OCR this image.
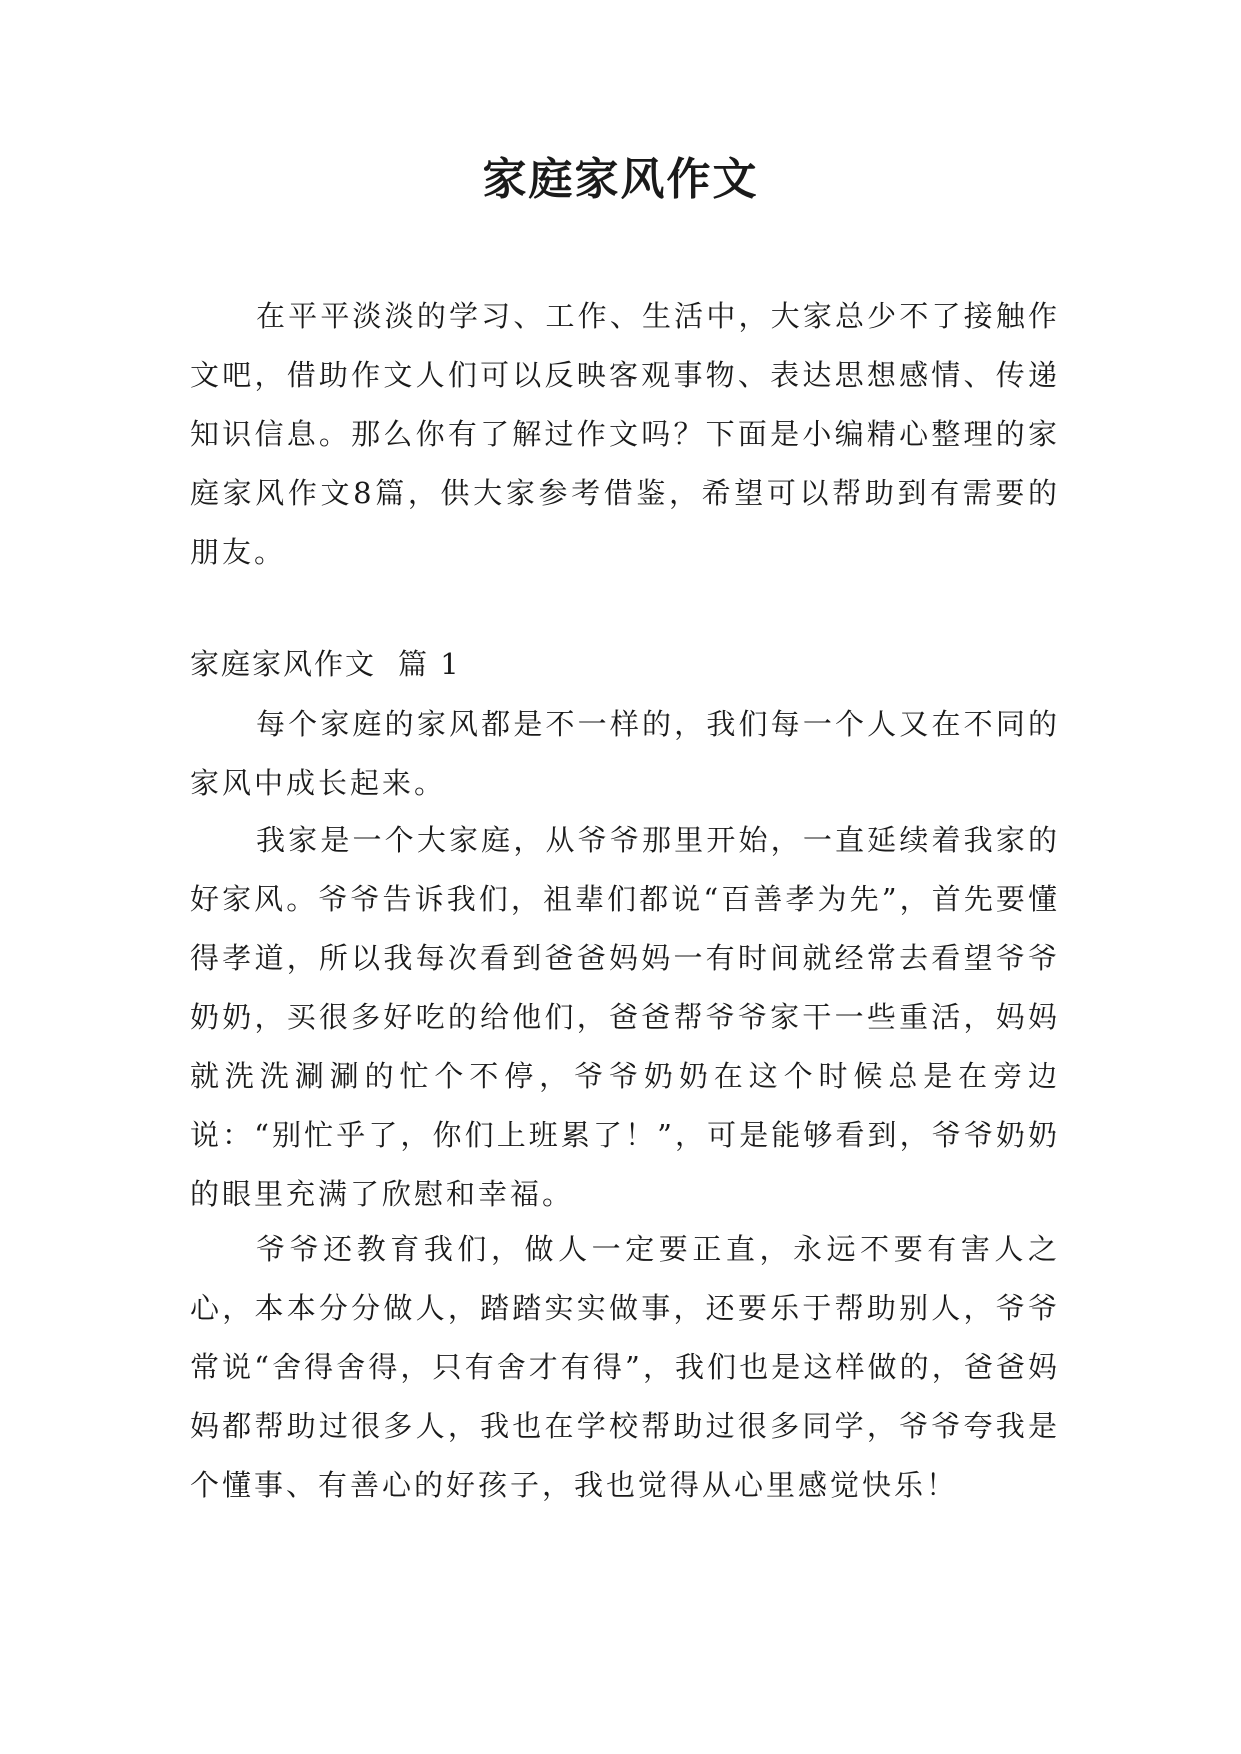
家庭家风作文

在平平淡淡的学习、工作、生活中，大家总少不了接触作文吧，借助作文人们可以反映客观事物、表达思想感情、传递知识信息。那么你有了解过作文吗？下面是小编精心整理的家庭家风作文8篇，供大家参考借鉴，希望可以帮助到有需要的朋友。

家庭家风作文 篇 1

每个家庭的家风都是不一样的，我们每一个人又在不同的家风中成长起来。

我家是一个大家庭，从爷爷那里开始，一直延续着我家的好家风。爷爷告诉我们，祖辈们都说“百善孝为先”，首先要懂得孝道，所以我每次看到爸爸妈妈一有时间就经常去看望爷爷奶奶，买很多好吃的给他们，爸爸帮爷爷家干一些重活，妈妈就洗洗涮涮的忙个不停，爷爷奶奶在这个时候总是在旁边说：“别忙乎了，你们上班累了！”，可是能够看到，爷爷奶奶的眼里充满了欣慰和幸福。

爷爷还教育我们，做人一定要正直，永远不要有害人之心，本本分分做人，踏踏实实做事，还要乐于帮助别人，爷爷常说“舍得舍得，只有舍才有得”，我们也是这样做的，爸爸妈妈都帮助过很多人，我也在学校帮助过很多同学，爷爷夸我是个懂事、有善心的好孩子，我也觉得从心里感觉快乐！
